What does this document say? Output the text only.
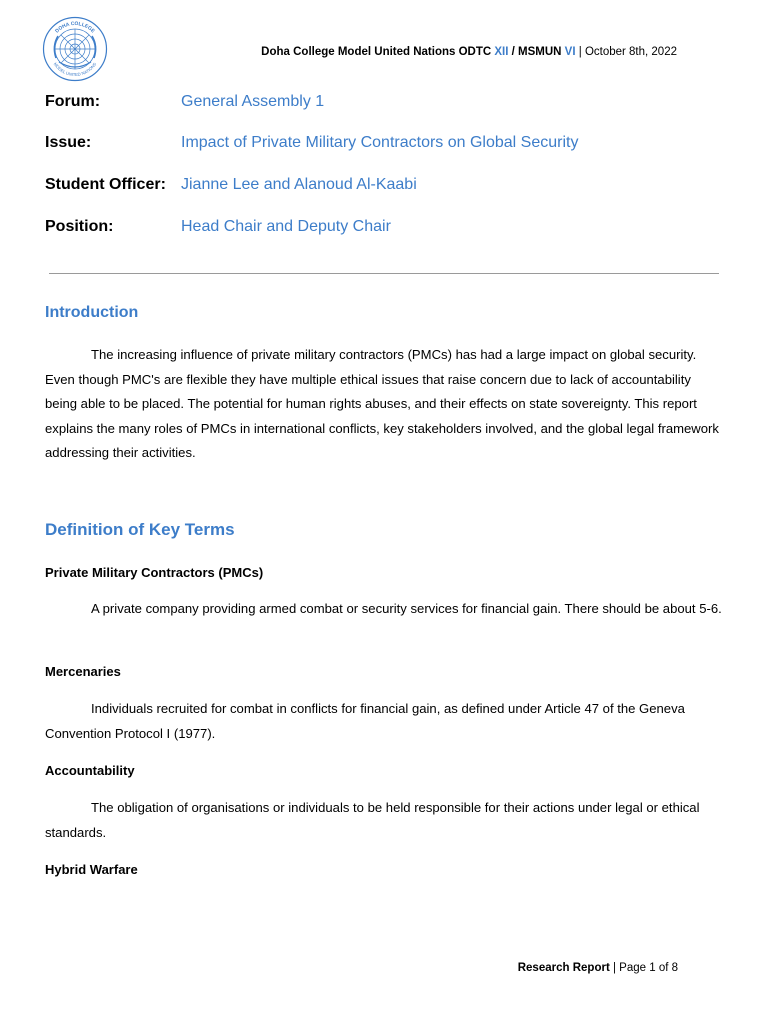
DOHA COLLEGE
MODEL UNITED NATIONS
Doha College Model United Nations ODTC XII / MSMUN VI | October 8th, 2022
Forum:	General Assembly 1
Issue:	Impact of Private Military Contractors on Global Security
Student Officer: Jianne Lee and Alanoud Al-Kaabi
Position:	Head Chair and Deputy Chair
Introduction

The increasing influence of private military contractors (PMCs) has had a large impact on global security. Even though PMC's are flexible they have multiple ethical issues that raise concern due to lack of accountability being able to be placed. The potential for human rights abuses, and their effects on state sovereignty. This report explains the many roles of PMCs in international conflicts, key stakeholders involved, and the global legal framework addressing their activities.

Definition of Key Terms
Private Military Contractors (PMCs)

A private company providing armed combat or security services for financial gain. There should be about 5-6.

Mercenaries

Individuals recruited for combat in conflicts for financial gain, as defined under Article 47 of the Geneva Convention Protocol I (1977).

Accountability

The obligation of organisations or individuals to be held responsible for their actions under legal or ethical standards.

Hybrid Warfare
Research Report | Page 1 of 8
